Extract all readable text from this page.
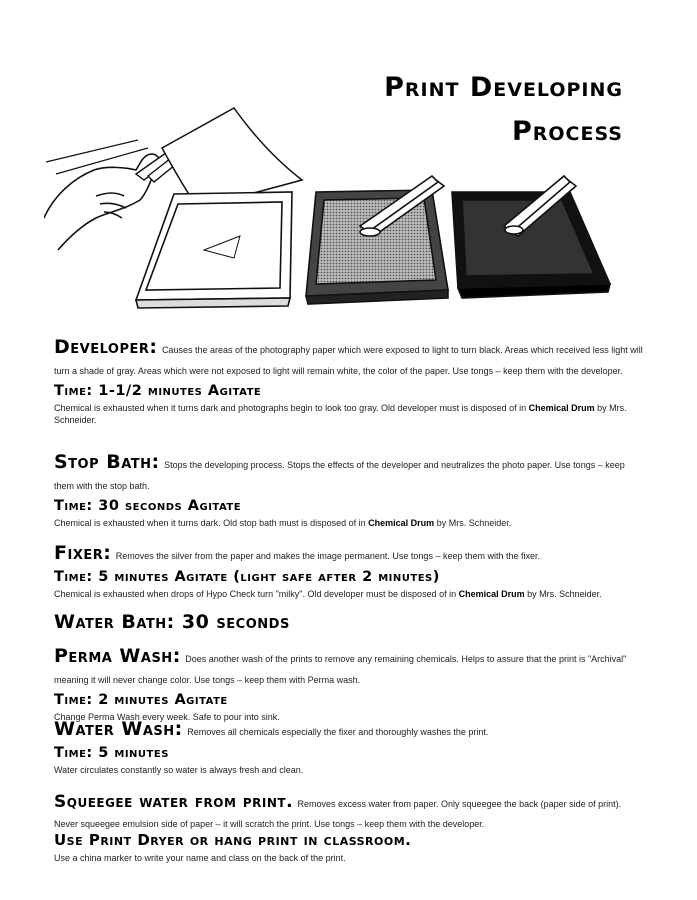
Print Developing
Process

Developer: Causes the areas of the photography paper which were exposed to light to turn black. Areas which received less light will turn a shade of gray. Areas which were not exposed to light will remain white, the color of the paper. Use tongs – keep them with the developer.

Time: 1-1/2 minutes Agitate

Chemical is exhausted when it turns dark and photographs begin to look too gray. Old developer must is disposed of in Chemical Drum by Mrs. Schneider.

Stop Bath: Stops the developing process. Stops the effects of the developer and neutralizes the photo paper. Use tongs – keep them with the stop bath.

Time: 30 seconds Agitate

Chemical is exhausted when it turns dark. Old stop bath must is disposed of in Chemical Drum by Mrs. Schneider.

Fixer: Removes the silver from the paper and makes the image permanent. Use tongs – keep them with the fixer.

Time: 5 minutes Agitate (light safe after 2 minutes)

Chemical is exhausted when drops of Hypo Check turn "milky". Old developer must be disposed of in Chemical Drum by Mrs. Schneider.

Water Bath: 30 seconds

Perma Wash: Does another wash of the prints to remove any remaining chemicals. Helps to assure that the print is "Archival" meaning it will never change color. Use tongs – keep them with Perma wash.

Time: 2 minutes Agitate

Change Perma Wash every week. Safe to pour into sink.

Water Wash: Removes all chemicals especially the fixer and thoroughly washes the print.

Time: 5 minutes

Water circulates constantly so water is always fresh and clean.

Squeegee water from print. Removes excess water from paper. Only squeegee the back (paper side of print). Never squeegee emulsion side of paper – it will scratch the print. Use tongs – keep them with the developer.

Use Print Dryer or hang print in classroom.

Use a china marker to write your name and class on the back of the print.
